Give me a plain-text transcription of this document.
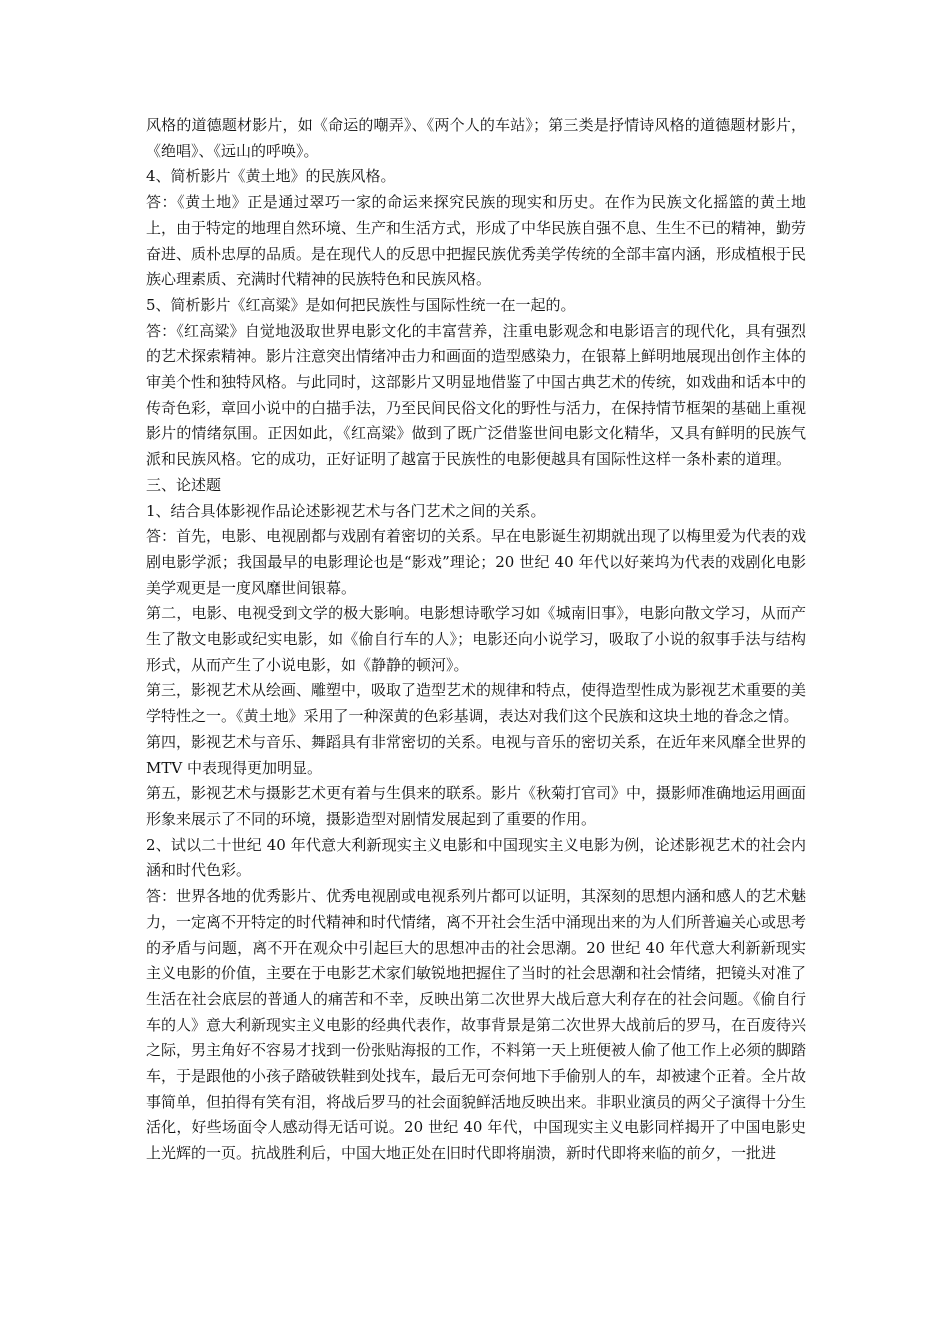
风格的道德题材影片，如《命运的嘲弄》、《两个人的车站》；第三类是抒情诗风格的道德题材影片，《绝唱》、《远山的呼唤》。

4、简析影片《黄土地》的民族风格。

答：《黄土地》正是通过翠巧一家的命运来探究民族的现实和历史。在作为民族文化摇篮的黄土地上，由于特定的地理自然环境、生产和生活方式，形成了中华民族自强不息、生生不已的精神，勤劳奋进、质朴忠厚的品质。是在现代人的反思中把握民族优秀美学传统的全部丰富内涵，形成植根于民族心理素质、充满时代精神的民族特色和民族风格。

5、简析影片《红高粱》是如何把民族性与国际性统一在一起的。

答：《红高粱》自觉地汲取世界电影文化的丰富营养，注重电影观念和电影语言的现代化，具有强烈的艺术探索精神。影片注意突出情绪冲击力和画面的造型感染力，在银幕上鲜明地展现出创作主体的审美个性和独特风格。与此同时，这部影片又明显地借鉴了中国古典艺术的传统，如戏曲和话本中的传奇色彩，章回小说中的白描手法，乃至民间民俗文化的野性与活力，在保持情节框架的基础上重视影片的情绪氛围。正因如此，《红高粱》做到了既广泛借鉴世间电影文化精华，又具有鲜明的民族气派和民族风格。它的成功，正好证明了越富于民族性的电影便越具有国际性这样一条朴素的道理。

三、论述题

1、结合具体影视作品论述影视艺术与各门艺术之间的关系。

答：首先，电影、电视剧都与戏剧有着密切的关系。早在电影诞生初期就出现了以梅里爱为代表的戏剧电影学派；我国最早的电影理论也是“影戏”理论；20 世纪 40 年代以好莱坞为代表的戏剧化电影美学观更是一度风靡世间银幕。

第二，电影、电视受到文学的极大影响。电影想诗歌学习如《城南旧事》，电影向散文学习，从而产生了散文电影或纪实电影，如《偷自行车的人》；电影还向小说学习，吸取了小说的叙事手法与结构形式，从而产生了小说电影，如《静静的顿河》。

第三，影视艺术从绘画、雕塑中，吸取了造型艺术的规律和特点，使得造型性成为影视艺术重要的美学特性之一。《黄土地》采用了一种深黄的色彩基调，表达对我们这个民族和这块土地的眷念之情。

第四，影视艺术与音乐、舞蹈具有非常密切的关系。电视与音乐的密切关系，在近年来风靡全世界的 MTV 中表现得更加明显。

第五，影视艺术与摄影艺术更有着与生俱来的联系。影片《秋菊打官司》中，摄影师准确地运用画面形象来展示了不同的环境，摄影造型对剧情发展起到了重要的作用。

2、试以二十世纪 40 年代意大利新现实主义电影和中国现实主义电影为例，论述影视艺术的社会内涵和时代色彩。

答：世界各地的优秀影片、优秀电视剧或电视系列片都可以证明，其深刻的思想内涵和感人的艺术魅力，一定离不开特定的时代精神和时代情绪，离不开社会生活中涌现出来的为人们所普遍关心或思考的矛盾与问题，离不开在观众中引起巨大的思想冲击的社会思潮。20 世纪 40 年代意大利新新现实主义电影的价值，主要在于电影艺术家们敏锐地把握住了当时的社会思潮和社会情绪，把镜头对准了生活在社会底层的普通人的痛苦和不幸，反映出第二次世界大战后意大利存在的社会问题。《偷自行车的人》意大利新现实主义电影的经典代表作，故事背景是第二次世界大战前后的罗马，在百废待兴之际，男主角好不容易才找到一份张贴海报的工作，不料第一天上班便被人偷了他工作上必须的脚踏车，于是跟他的小孩子踏破铁鞋到处找车，最后无可奈何地下手偷别人的车，却被逮个正着。全片故事简单，但拍得有笑有泪，将战后罗马的社会面貌鲜活地反映出来。非职业演员的两父子演得十分生活化，好些场面令人感动得无话可说。20 世纪 40 年代，中国现实主义电影同样揭开了中国电影史上光辉的一页。抗战胜利后，中国大地正处在旧时代即将崩溃，新时代即将来临的前夕，一批进
